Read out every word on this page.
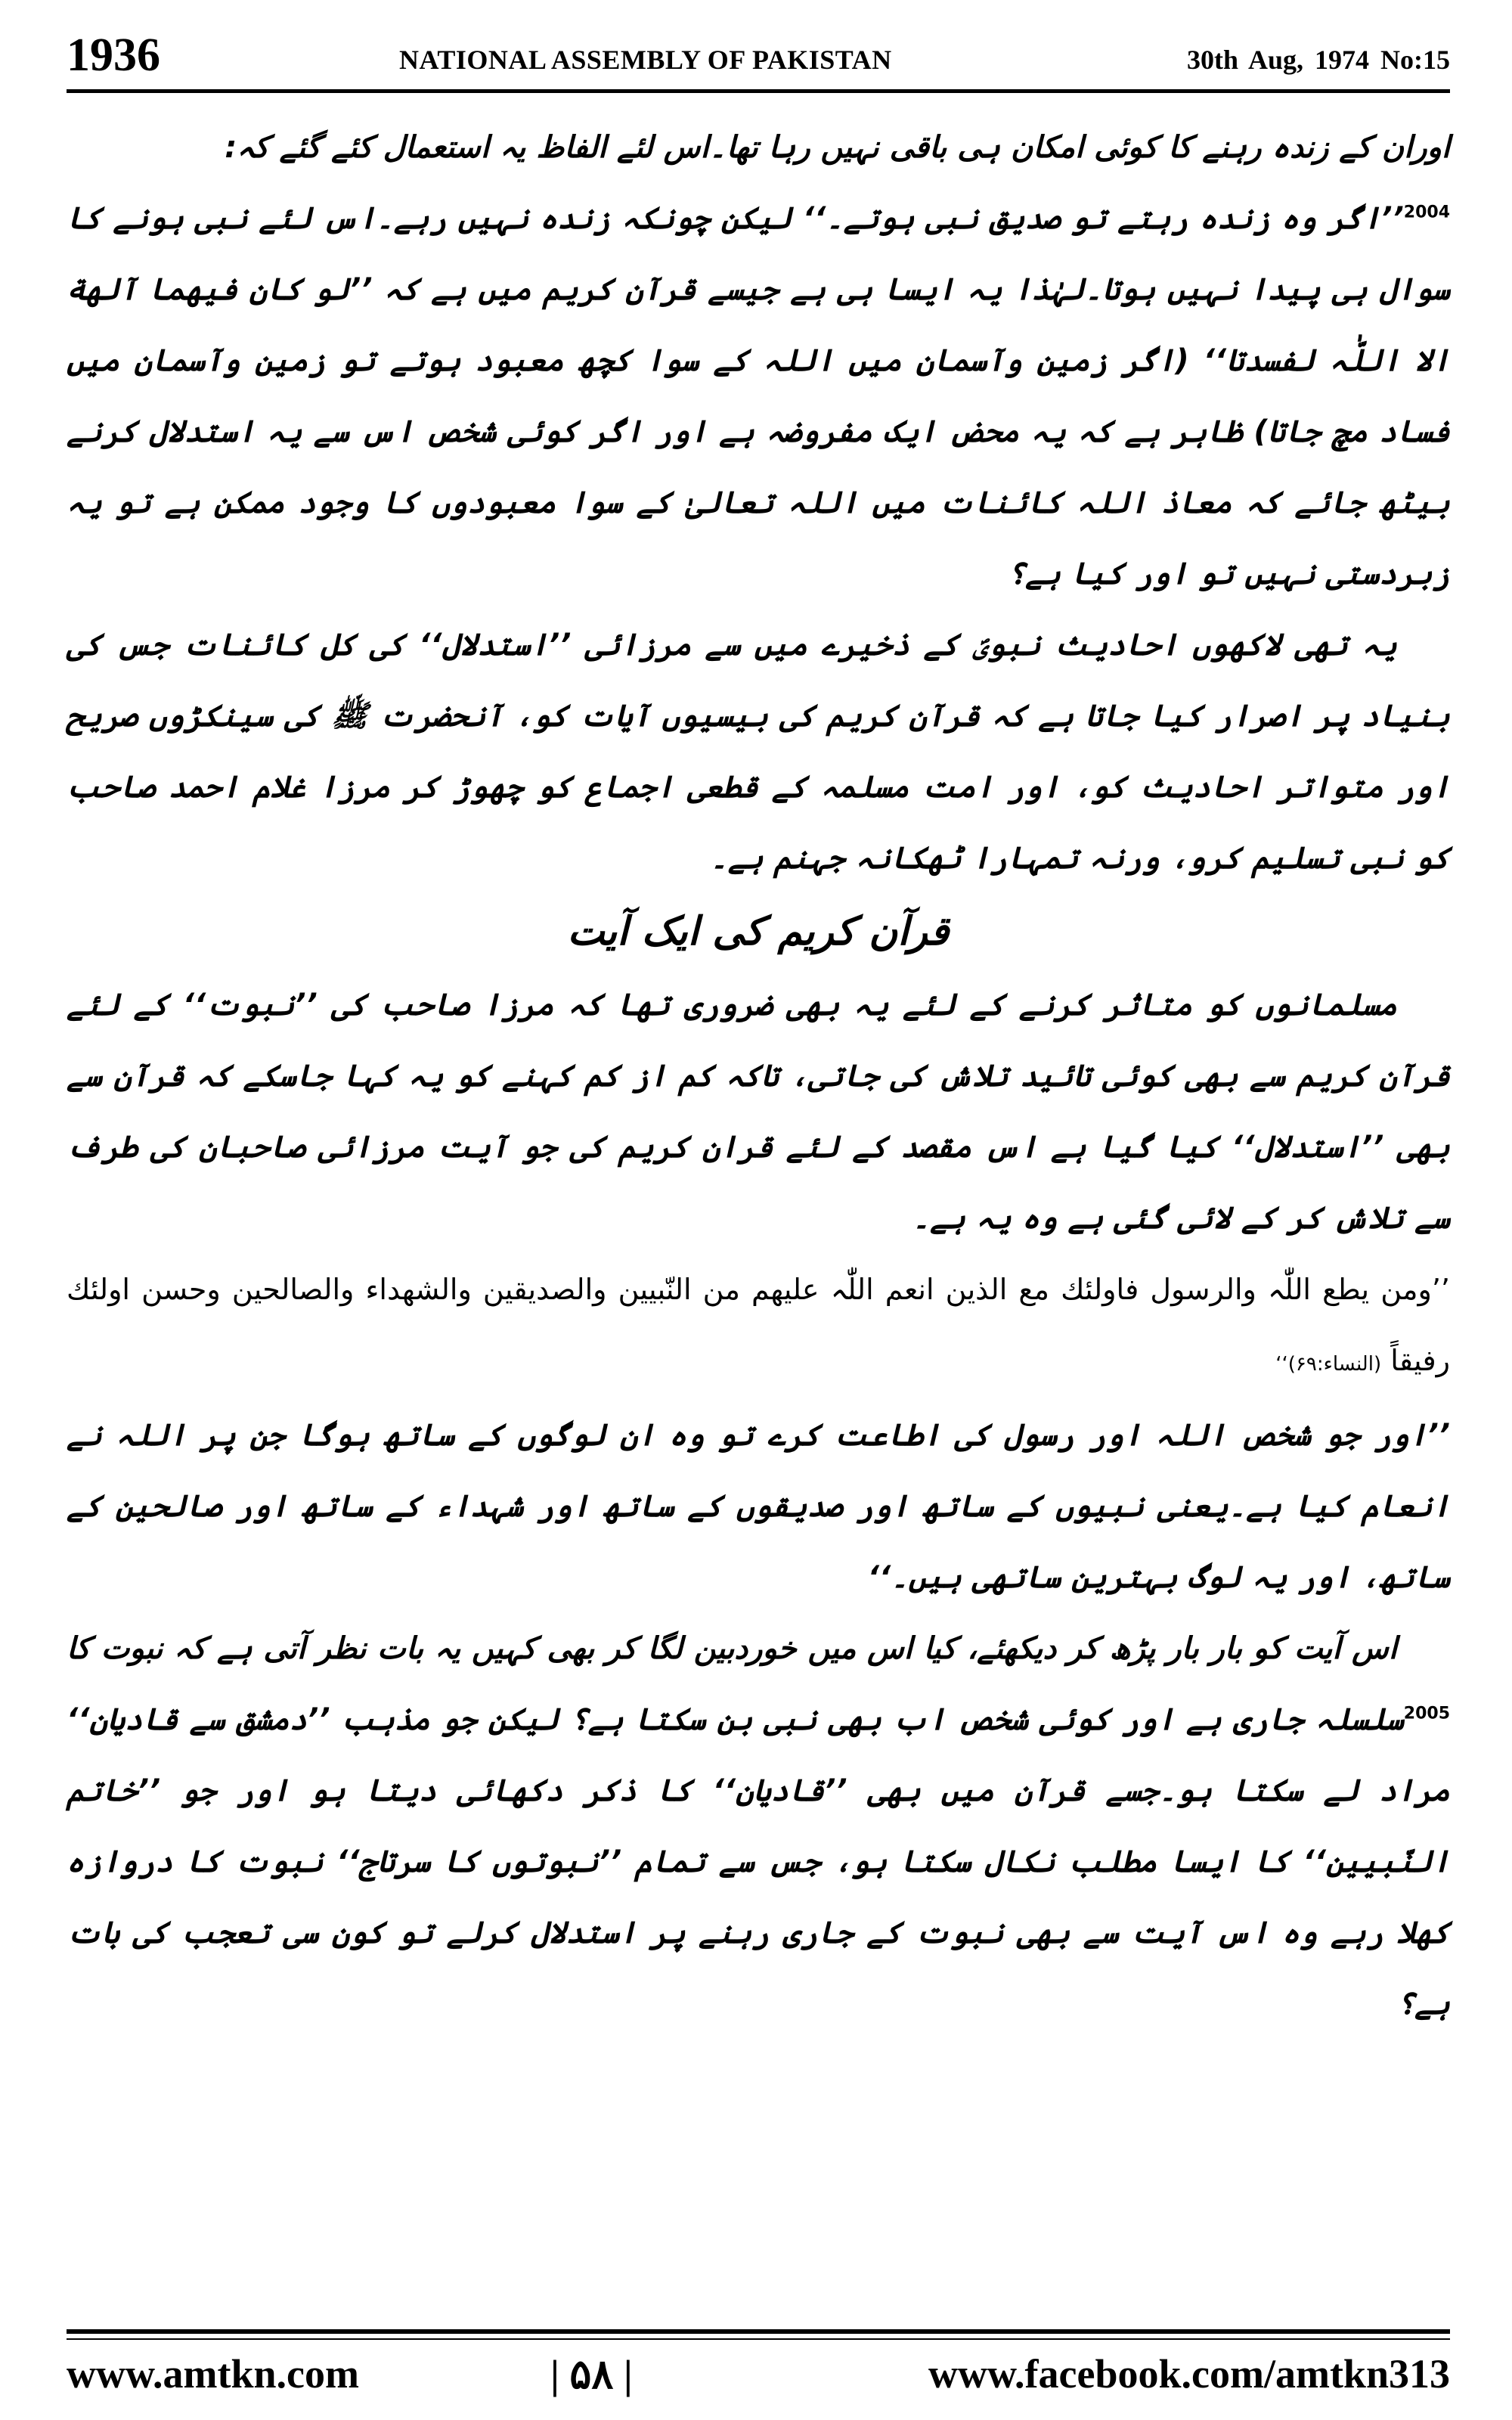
1936	NATIONAL ASSEMBLY OF PAKISTAN	30th Aug, 1974 No:15

اوران کے زندہ رہنے کا کوئی امکان ہی باقی نہیں رہا تھا۔اس لئے الفاظ یہ استعمال کئے گئے کہ:

$^{2004}$’’اگر وہ زندہ رہتے تو صدیق نبی ہوتے۔‘‘ لیکن چونکہ زندہ نہیں رہے۔اس لئے نبی ہونے کا سوال ہی پیدا نہیں ہوتا۔لہٰذا یہ ایسا ہی ہے جیسے قرآن کریم میں ہے کہ ’’لو کان فیھما آلھة الا اللّٰہ لفسدتا‘‘ (اگر زمین وآسمان میں اللہ کے سوا کچھ معبود ہوتے تو زمین وآسمان میں فساد مچ جاتا) ظاہر ہے کہ یہ محض ایک مفروضہ ہے اور اگر کوئی شخص اس سے یہ استدلال کرنے بیٹھ جائے کہ معاذ اللہ کائنات میں اللہ تعالیٰ کے سوا معبودوں کا وجود ممکن ہے تو یہ زبردستی نہیں تو اور کیا ہے؟

یہ تھی لاکھوں احادیث نبویؐ کے ذخیرے میں سے مرزائی ’’استدلال‘‘ کی کل کائنات جس کی بنیاد پر اصرار کیا جاتا ہے کہ قرآن کریم کی بیسیوں آیات کو، آنحضرت ﷺ کی سینکڑوں صریح اور متواتر احادیث کو، اور امت مسلمہ کے قطعی اجماع کو چھوڑ کر مرزا غلام احمد صاحب کو نبی تسلیم کرو، ورنہ تمہارا ٹھکانہ جہنم ہے۔

قرآن کریم کی ایک آیت

مسلمانوں کو متاثر کرنے کے لئے یہ بھی ضروری تھا کہ مرزا صاحب کی ’’نبوت‘‘ کے لئے قرآن کریم سے بھی کوئی تائید تلاش کی جاتی، تاکہ کم از کم کہنے کو یہ کہا جاسکے کہ قرآن سے بھی ’’استدلال‘‘ کیا گیا ہے اس مقصد کے لئے قران کریم کی جو آیت مرزائی صاحبان کی طرف سے تلاش کر کے لائی گئی ہے وہ یہ ہے۔

’’ومن یطع اللّٰہ والرسول فاولئك مع الذین انعم اللّٰہ علیھم من النّبیین والصدیقین والشھداء والصالحین وحسن اولئك رفیقاً (النساء:۶۹)‘‘

’’اور جو شخص اللہ اور رسول کی اطاعت کرے تو وہ ان لوگوں کے ساتھ ہوگا جن پر اللہ نے انعام کیا ہے۔یعنی نبیوں کے ساتھ اور صدیقوں کے ساتھ اور شہداء کے ساتھ اور صالحین کے ساتھ، اور یہ لوگ بہترین ساتھی ہیں۔‘‘

اس آیت کو بار بار پڑھ کر دیکھئے، کیا اس میں خوردبین لگا کر بھی کہیں یہ بات نظر آتی ہے کہ نبوت کا $^{2005}$سلسلہ جاری ہے اور کوئی شخص اب بھی نبی بن سکتا ہے؟ لیکن جو مذہب ’’دمشق سے قادیان‘‘ مراد لے سکتا ہو۔جسے قرآن میں بھی ’’قادیان‘‘ کا ذکر دکھائی دیتا ہو اور جو ’’خاتم النّبیین‘‘ کا ایسا مطلب نکال سکتا ہو، جس سے تمام ’’نبوتوں کا سرتاج‘‘ نبوت کا دروازہ کھلا رہے وہ اس آیت سے بھی نبوت کے جاری رہنے پر استدلال کرلے تو کون سی تعجب کی بات ہے؟

www.amtkn.com	| ۵۸ |	www.facebook.com/amtkn313
